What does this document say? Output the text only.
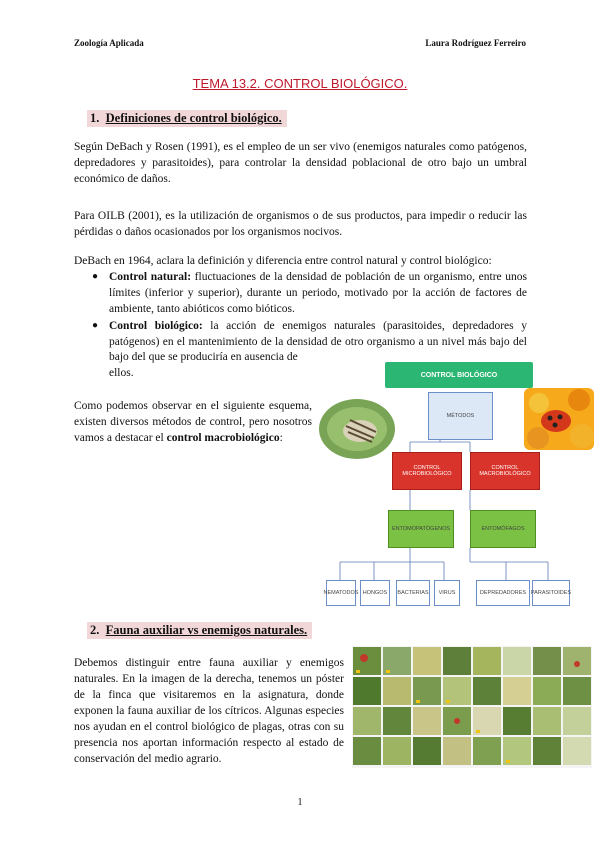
Zoología Aplicada	Laura Rodríguez Ferreiro
TEMA 13.2. CONTROL BIOLÓGICO.
1. Definiciones de control biológico.

Según DeBach y Rosen (1991), es el empleo de un ser vivo (enemigos naturales como patógenos, depredadores y parasitoides), para controlar la densidad poblacional de otro bajo un umbral económico de daños.

Para OILB (2001), es la utilización de organismos o de sus productos, para impedir o reducir las pérdidas o daños ocasionados por los organismos nocivos.

DeBach en 1964, aclara la definición y diferencia entre control natural y control biológico:

● Control natural: fluctuaciones de la densidad de población de un organismo, entre unos límites (inferior y superior), durante un periodo, motivado por la acción de factores de ambiente, tanto abióticos como bióticos.
● Control biológico: la acción de enemigos naturales (parasitoides, depredadores y patógenos) en el mantenimiento de la densidad de otro organismo a un nivel más bajo del

bajo del que se produciría en ausencia de
ellos.

Como podemos observar en el siguiente esquema, existen diversos métodos de control, pero nosotros vamos a destacar el control macrobiológico:

CONTROL BIOLÓGICO
MÉTODOS
CONTROL MICROBIOLÓGICO
CONTROL MACROBIOLÓGICO
ENTOMOPATÓGENOS	ENTOMÓFAGOS
NEMATODOS HONGOS	BACTERIAS	VIRUS	DEPREDADORES PARASITOIDES
2. Fauna auxiliar vs enemigos naturales.

Debemos distinguir entre fauna auxiliar y enemigos naturales. En la imagen de la derecha, tenemos un póster de la finca que visitaremos en la asignatura, donde exponen la fauna auxiliar de los cítricos. Algunas especies nos ayudan en el control biológico de plagas, otras con su presencia nos aportan información respecto al estado de conservación del medio agrario.

1
